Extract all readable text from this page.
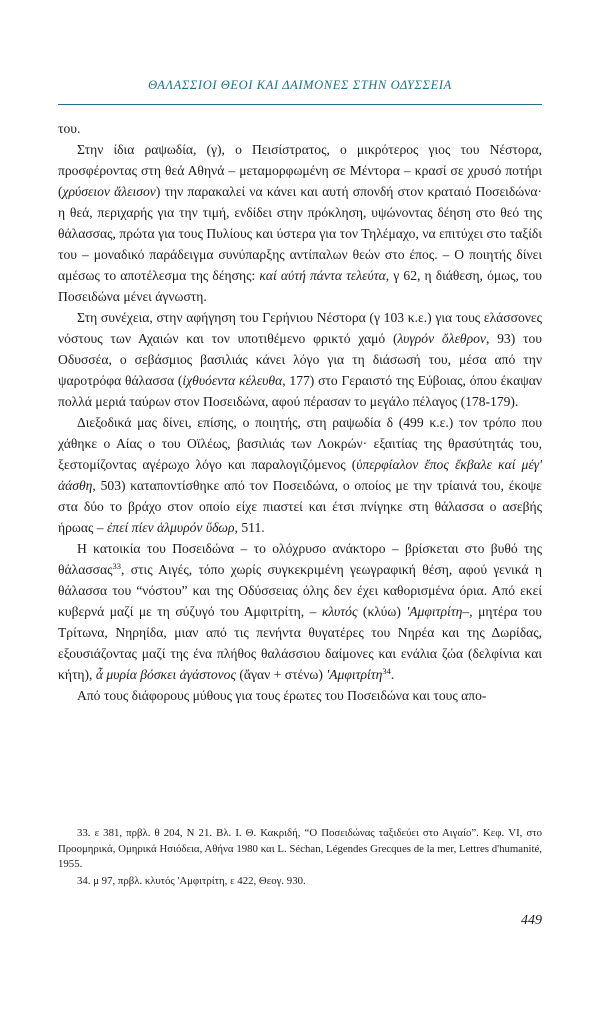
ΘΑΛΑΣΣΙΟΙ ΘΕΟΙ ΚΑΙ ΔΑΙΜΟΝΕΣ ΣΤΗΝ ΟΔΥΣΣΕΙΑ

του.

Στην ίδια ραψωδία, (γ), ο Πεισίστρατος, ο μικρότερος γιος του Νέστορα, προσφέροντας στη θεά Αθηνά – μεταμορφωμένη σε Μέντορα – κρασί σε χρυσό ποτήρι (χρύσειον ἄλεισον) την παρακαλεί να κάνει και αυτή σπονδή στον κραταιό Ποσειδώνα· η θεά, περιχαρής για την τιμή, ενδίδει στην πρόκληση, υψώνοντας δέηση στο θεό της θάλασσας, πρώτα για τους Πυλίους και ύστερα για τον Τηλέμαχο, να επιτύχει στο ταξίδι του – μοναδικό παράδειγμα συνύπαρξης αντίπαλων θεών στο έπος. – Ο ποιητής δίνει αμέσως το αποτέλεσμα της δέησης: καί αὐτή πάντα τελεύτα, γ 62, η διάθεση, όμως, του Ποσειδώνα μένει άγνωστη.

Στη συνέχεια, στην αφήγηση του Γερήνιου Νέστορα (γ 103 κ.ε.) για τους ελάσσονες νόστους των Αχαιών και τον υποτιθέμενο φρικτό χαμό (λυγρόν ὄλεθρον, 93) του Οδυσσέα, ο σεβάσμιος βασιλιάς κάνει λόγο για τη διάσωσή του, μέσα από την ψαροτρόφα θάλασσα (ἰχθυόεντα κέλευθα, 177) στο Γεραιστό της Εύβοιας, όπου έκαψαν πολλά μεριά ταύρων στον Ποσειδώνα, αφού πέρασαν το μεγάλο πέλαγος (178-179).

Διεξοδικά μας δίνει, επίσης, ο ποιητής, στη ραψωδία δ (499 κ.ε.) τον τρόπο που χάθηκε ο Αίας ο του Οϊλέως, βασιλιάς των Λοκρών· εξαιτίας της θρασύτητάς του, ξεστομίζοντας αγέρωχο λόγο και παραλογιζόμενος (ὑπερφίαλον ἔπος ἔκβαλε καί μέγ' ἀάσθη, 503) καταποντίσθηκε από τον Ποσειδώνα, ο οποίος με την τρίαινά του, έκοψε στα δύο το βράχο στον οποίο είχε πιαστεί και έτσι πνίγηκε στη θάλασσα ο ασεβής ήρωας – ἐπεί πίεν ἁλμυρόν ὕδωρ, 511.

Η κατοικία του Ποσειδώνα – το ολόχρυσο ανάκτορο – βρίσκεται στο βυθό της θάλασσας$^{33}$, στις Αιγές, τόπο χωρίς συγκεκριμένη γεωγραφική θέση, αφού γενικά η θάλασσα του “νόστου” και της Οδύσσειας όλης δεν έχει καθορισμένα όρια. Από εκεί κυβερνά μαζί με τη σύζυγό του Αμφιτρίτη, – κλυτός (κλύω) 'Αμφιτρίτη–, μητέρα του Τρίτωνα, Νηρηίδα, μιαν από τις πενήντα θυγατέρες του Νηρέα και της Δωρίδας, εξουσιάζοντας μαζί της ένα πλήθος θαλάσσιου δαίμονες και ενάλια ζώα (δελφίνια και κήτη), ἆ μυρία βόσκει ἀγάστονος (ἄγαν + στένω) 'Αμφιτρίτη$^{34}$.

Από τους διάφορους μύθους για τους έρωτες του Ποσειδώνα και τους απο-

33. ε 381, πρβλ. θ 204, Ν 21. Βλ. Ι. Θ. Κακριδή, “Ο Ποσειδώνας ταξιδεύει στο Αιγαίο”. Κεφ. VI, στο Προομηρικά, Ομηρικά Ησιόδεια, Αθήνα 1980 και L. Séchan, Légendes Grecques de la mer, Lettres d'humanité, 1955.

34. μ 97, πρβλ. κλυτός 'Αμφιτρίτη, ε 422, Θεογ. 930.

449
